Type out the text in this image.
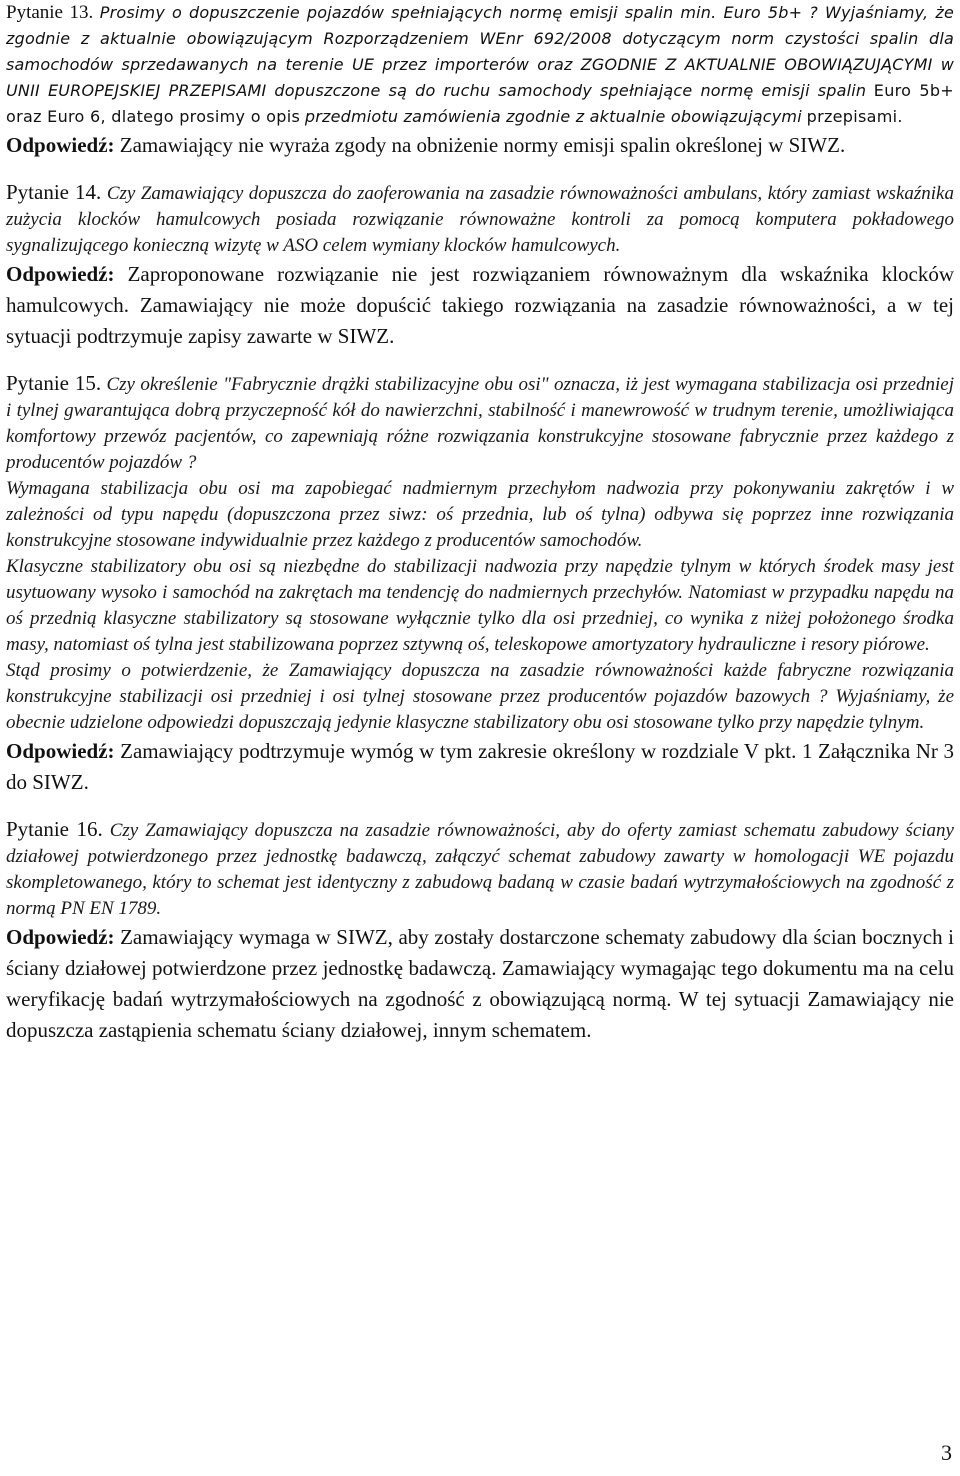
Pytanie 13. Prosimy o dopuszczenie pojazdów spełniających normę emisji spalin min. Euro 5b+ ? Wyjaśniamy, że zgodnie z aktualnie obowiązującym Rozporządzeniem WEnr 692/2008 dotyczącym norm czystości spalin dla samochodów sprzedawanych na terenie UE przez importerów oraz ZGODNIE Z AKTUALNIE OBOWIĄZUJĄCYMI w UNII EUROPEJSKIEJ PRZEPISAMI dopuszczone są do ruchu samochody spełniające normę emisji spalin Euro 5b+ oraz Euro 6, dlatego prosimy o opis przedmiotu zamówienia zgodnie z aktualnie obowiązującymi przepisami.

Odpowiedź: Zamawiający nie wyraża zgody na obniżenie normy emisji spalin określonej w SIWZ.

Pytanie 14. Czy Zamawiający dopuszcza do zaoferowania na zasadzie równoważności ambulans, który zamiast wskaźnika zużycia klocków hamulcowych posiada rozwiązanie równoważne kontroli za pomocą komputera pokładowego sygnalizującego konieczną wizytę w ASO celem wymiany klocków hamulcowych.

Odpowiedź: Zaproponowane rozwiązanie nie jest rozwiązaniem równoważnym dla wskaźnika klocków hamulcowych. Zamawiający nie może dopuścić takiego rozwiązania na zasadzie równoważności, a w tej sytuacji podtrzymuje zapisy zawarte w SIWZ.

Pytanie 15. Czy określenie "Fabrycznie drążki stabilizacyjne obu osi" oznacza, iż jest wymagana stabilizacja osi przedniej i tylnej gwarantująca dobrą przyczepność kół do nawierzchni, stabilność i manewrowość w trudnym terenie, umożliwiająca komfortowy przewóz pacjentów, co zapewniają różne rozwiązania konstrukcyjne stosowane fabrycznie przez każdego z producentów pojazdów ?

Wymagana stabilizacja obu osi ma zapobiegać nadmiernym przechyłom nadwozia przy pokonywaniu zakrętów i w zależności od typu napędu (dopuszczona przez siwz: oś przednia, lub oś tylna) odbywa się poprzez inne rozwiązania konstrukcyjne stosowane indywidualnie przez każdego z producentów samochodów.

Klasyczne stabilizatory obu osi są niezbędne do stabilizacji nadwozia przy napędzie tylnym w których środek masy jest usytuowany wysoko i samochód na zakrętach ma tendencję do nadmiernych przechyłów. Natomiast w przypadku napędu na oś przednią klasyczne stabilizatory są stosowane wyłącznie tylko dla osi przedniej, co wynika z niżej położonego środka masy, natomiast oś tylna jest stabilizowana poprzez sztywną oś, teleskopowe amortyzatory hydrauliczne i resory piórowe.

Stąd prosimy o potwierdzenie, że Zamawiający dopuszcza na zasadzie równoważności każde fabryczne rozwiązania konstrukcyjne stabilizacji osi przedniej i osi tylnej stosowane przez producentów pojazdów bazowych ? Wyjaśniamy, że obecnie udzielone odpowiedzi dopuszczają jedynie klasyczne stabilizatory obu osi stosowane tylko przy napędzie tylnym.

Odpowiedź: Zamawiający podtrzymuje wymóg w tym zakresie określony w rozdziale V pkt. 1 Załącznika Nr 3 do SIWZ.

Pytanie 16. Czy Zamawiający dopuszcza na zasadzie równoważności, aby do oferty zamiast schematu zabudowy ściany działowej potwierdzonego przez jednostkę badawczą, załączyć schemat zabudowy zawarty w homologacji WE pojazdu skompletowanego, który to schemat jest identyczny z zabudową badaną w czasie badań wytrzymałościowych na zgodność z normą PN EN 1789.

Odpowiedź: Zamawiający wymaga w SIWZ, aby zostały dostarczone schematy zabudowy dla ścian bocznych i ściany działowej potwierdzone przez jednostkę badawczą. Zamawiający wymagając tego dokumentu ma na celu weryfikację badań wytrzymałościowych na zgodność z obowiązującą normą. W tej sytuacji Zamawiający nie dopuszcza zastąpienia schematu ściany działowej, innym schematem.

3
